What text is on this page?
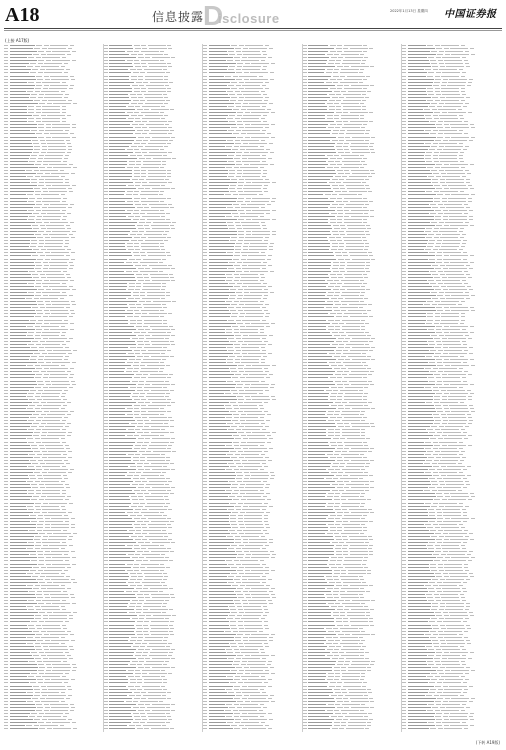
A18	信息披露
D
isclosure	2022年1月13日 星期四 中国证券报
(上接 A17版)
(下转 A19版)
